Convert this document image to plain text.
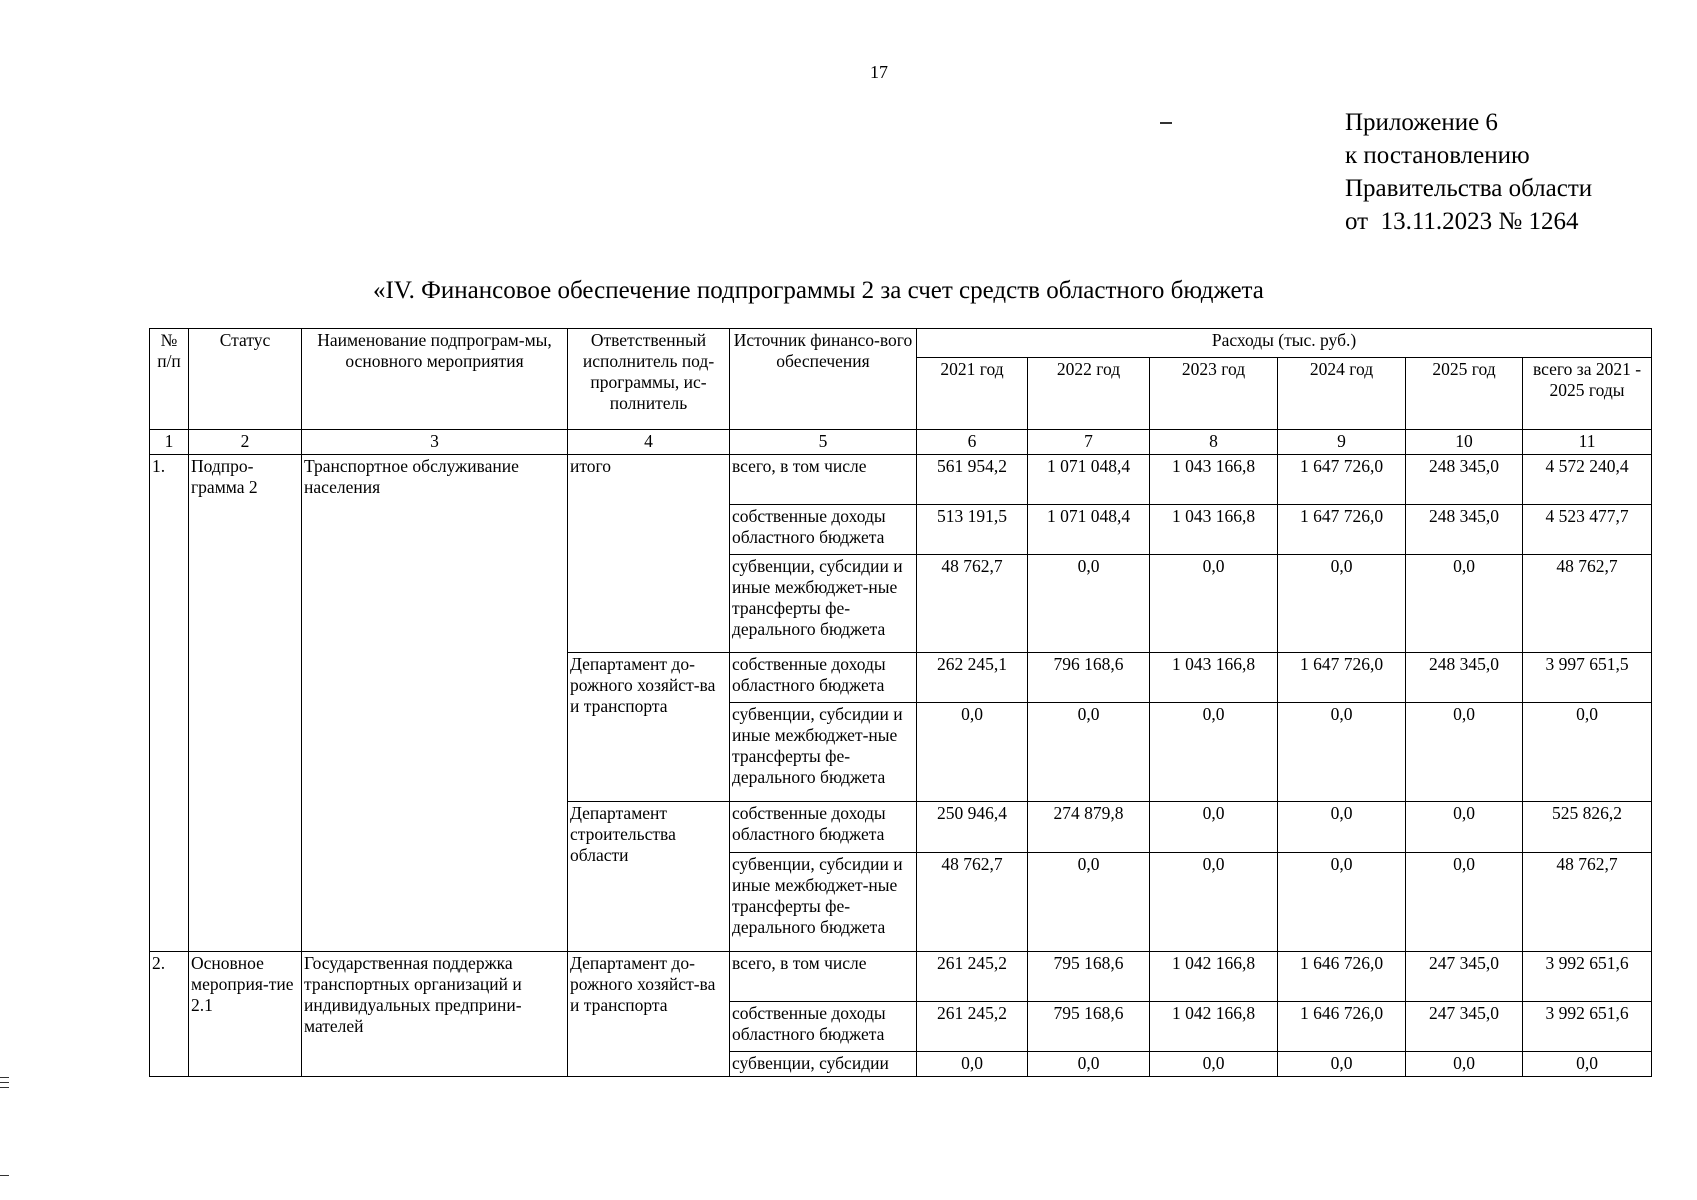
17
Приложение 6
к постановлению
Правительства области
от  13.11.2023 № 1264
«IV. Финансовое обеспечение подпрограммы 2 за счет средств областного бюджета
№ п/п	Статус	Наименование подпрограм-мы, основного мероприятия	Ответственный исполнитель под-программы, ис-полнитель	Источник финансо-вого обеспечения	Расходы (тыс. руб.)					
					2021 год	2022 год	2023 год	2024 год	2025 год	всего за 2021 - 2025 годы
1	2	3	4	5	6	7	8	9	10	11
1.	Подпро-грамма 2	Транспортное обслуживание населения	итого	всего, в том числе	561 954,2	1 071 048,4	1 043 166,8	1 647 726,0	248 345,0	4 572 240,4
				собственные доходы областного бюджета	513 191,5	1 071 048,4	1 043 166,8	1 647 726,0	248 345,0	4 523 477,7
				субвенции, субсидии и иные межбюджет-ные трансферты фе-дерального бюджета	48 762,7	0,0	0,0	0,0	0,0	48 762,7
			Департамент до-рожного хозяйст-ва и транспорта	собственные доходы областного бюджета	262 245,1	796 168,6	1 043 166,8	1 647 726,0	248 345,0	3 997 651,5
				субвенции, субсидии и иные межбюджет-ные трансферты фе-дерального бюджета	0,0	0,0	0,0	0,0	0,0	0,0
			Департамент строительства области	собственные доходы областного бюджета	250 946,4	274 879,8	0,0	0,0	0,0	525 826,2
				субвенции, субсидии и иные межбюджет-ные трансферты фе-дерального бюджета	48 762,7	0,0	0,0	0,0	0,0	48 762,7
2.	Основное мероприя-тие 2.1	Государственная поддержка транспортных организаций и индивидуальных предприни-мателей	Департамент до-рожного хозяйст-ва и транспорта	всего, в том числе	261 245,2	795 168,6	1 042 166,8	1 646 726,0	247 345,0	3 992 651,6
				собственные доходы областного бюджета	261 245,2	795 168,6	1 042 166,8	1 646 726,0	247 345,0	3 992 651,6
				субвенции, субсидии	0,0	0,0	0,0	0,0	0,0	0,0
